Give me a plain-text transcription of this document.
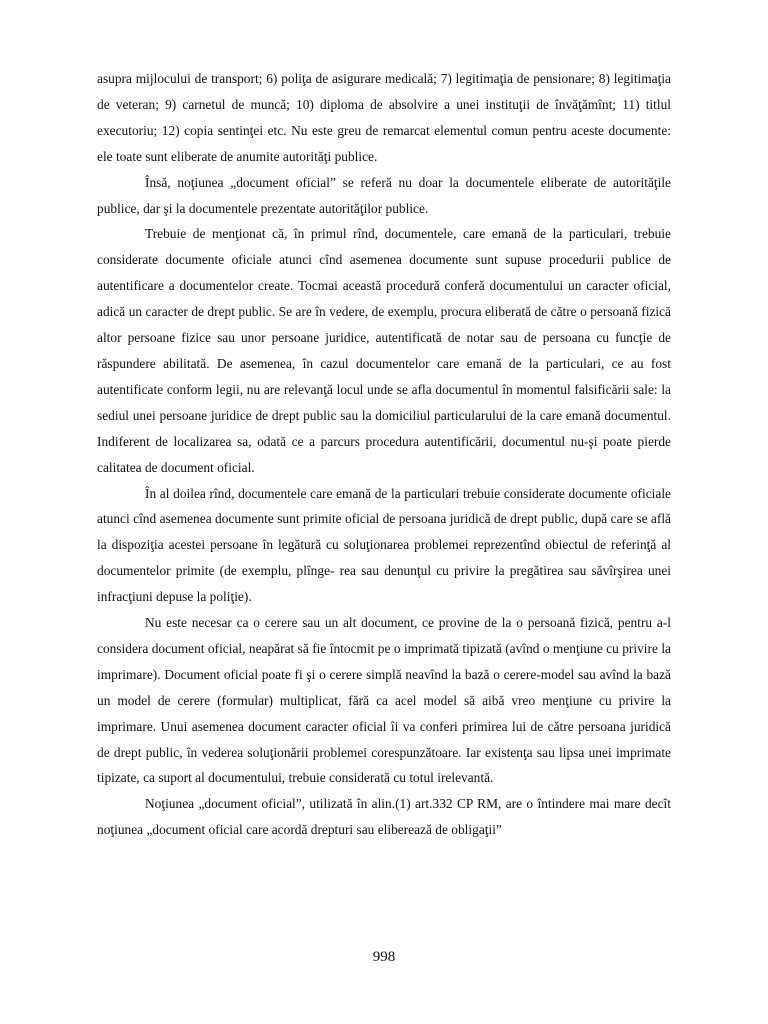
asupra mijlocului de transport; 6) poliţa de asigurare medicală; 7) legitimaţia de pensionare; 8) legitimaţia de veteran; 9) carnetul de muncă; 10) diploma de absolvire a unei instituţii de învăţămînt; 11) titlul executoriu; 12) copia sentinţei etc. Nu este greu de remarcat elementul comun pentru aceste documente: ele toate sunt eliberate de anumite autorităţi publice.

Însă, noţiunea „document oficial” se referă nu doar la documentele eliberate de autorităţile publice, dar şi la documentele prezentate autorităţilor publice.

Trebuie de menţionat că, în primul rînd, documentele, care emană de la particulari, trebuie considerate documente oficiale atunci cînd asemenea documente sunt supuse procedurii publice de autentificare a documentelor create. Tocmai această procedură conferă documentului un caracter oficial, adică un caracter de drept public. Se are în vedere, de exemplu, procura eliberată de către o persoană fizică altor persoane fizice sau unor persoane juridice, autentificată de notar sau de persoana cu funcţie de răspundere abilitată. De asemenea, în cazul documentelor care emană de la particulari, ce au fost autentificate conform legii, nu are relevanţă locul unde se afla documentul în momentul falsificării sale: la sediul unei persoane juridice de drept public sau la domiciliul particularului de la care emană documentul. Indiferent de localizarea sa, odată ce a parcurs procedura autentificării, documentul nu-şi poate pierde calitatea de document oficial.

În al doilea rînd, documentele care emană de la particulari trebuie considerate documente oficiale atunci cînd asemenea documente sunt primite oficial de persoana juridică de drept public, după care se află la dispoziţia acestei persoane în legătură cu soluţionarea problemei reprezentînd obiectul de referinţă al documentelor primite (de exemplu, plînge- rea sau denunţul cu privire la pregătirea sau săvîrşirea unei infracţiuni depuse la poliţie).

Nu este necesar ca o cerere sau un alt document, ce provine de la o persoană fizică, pentru a-l considera document oficial, neapărat să fie întocmit pe o imprimată tipizată (avînd o menţiune cu privire la imprimare). Document oficial poate fi şi o cerere simplă neavînd la bază o cerere-model sau avînd la bază un model de cerere (formular) multiplicat, fără ca acel model să aibă vreo menţiune cu privire la imprimare. Unui asemenea document caracter oficial îi va conferi primirea lui de către persoana juridică de drept public, în vederea soluţionării problemei corespunzătoare. Iar existenţa sau lipsa unei imprimate tipizate, ca suport al documentului, trebuie considerată cu totul irelevantă.

Noţiunea „document oficial”, utilizată în alin.(1) art.332 CP RM, are o întindere mai mare decît noţiunea „document oficial care acordă drepturi sau eliberează de obligaţii”

998
